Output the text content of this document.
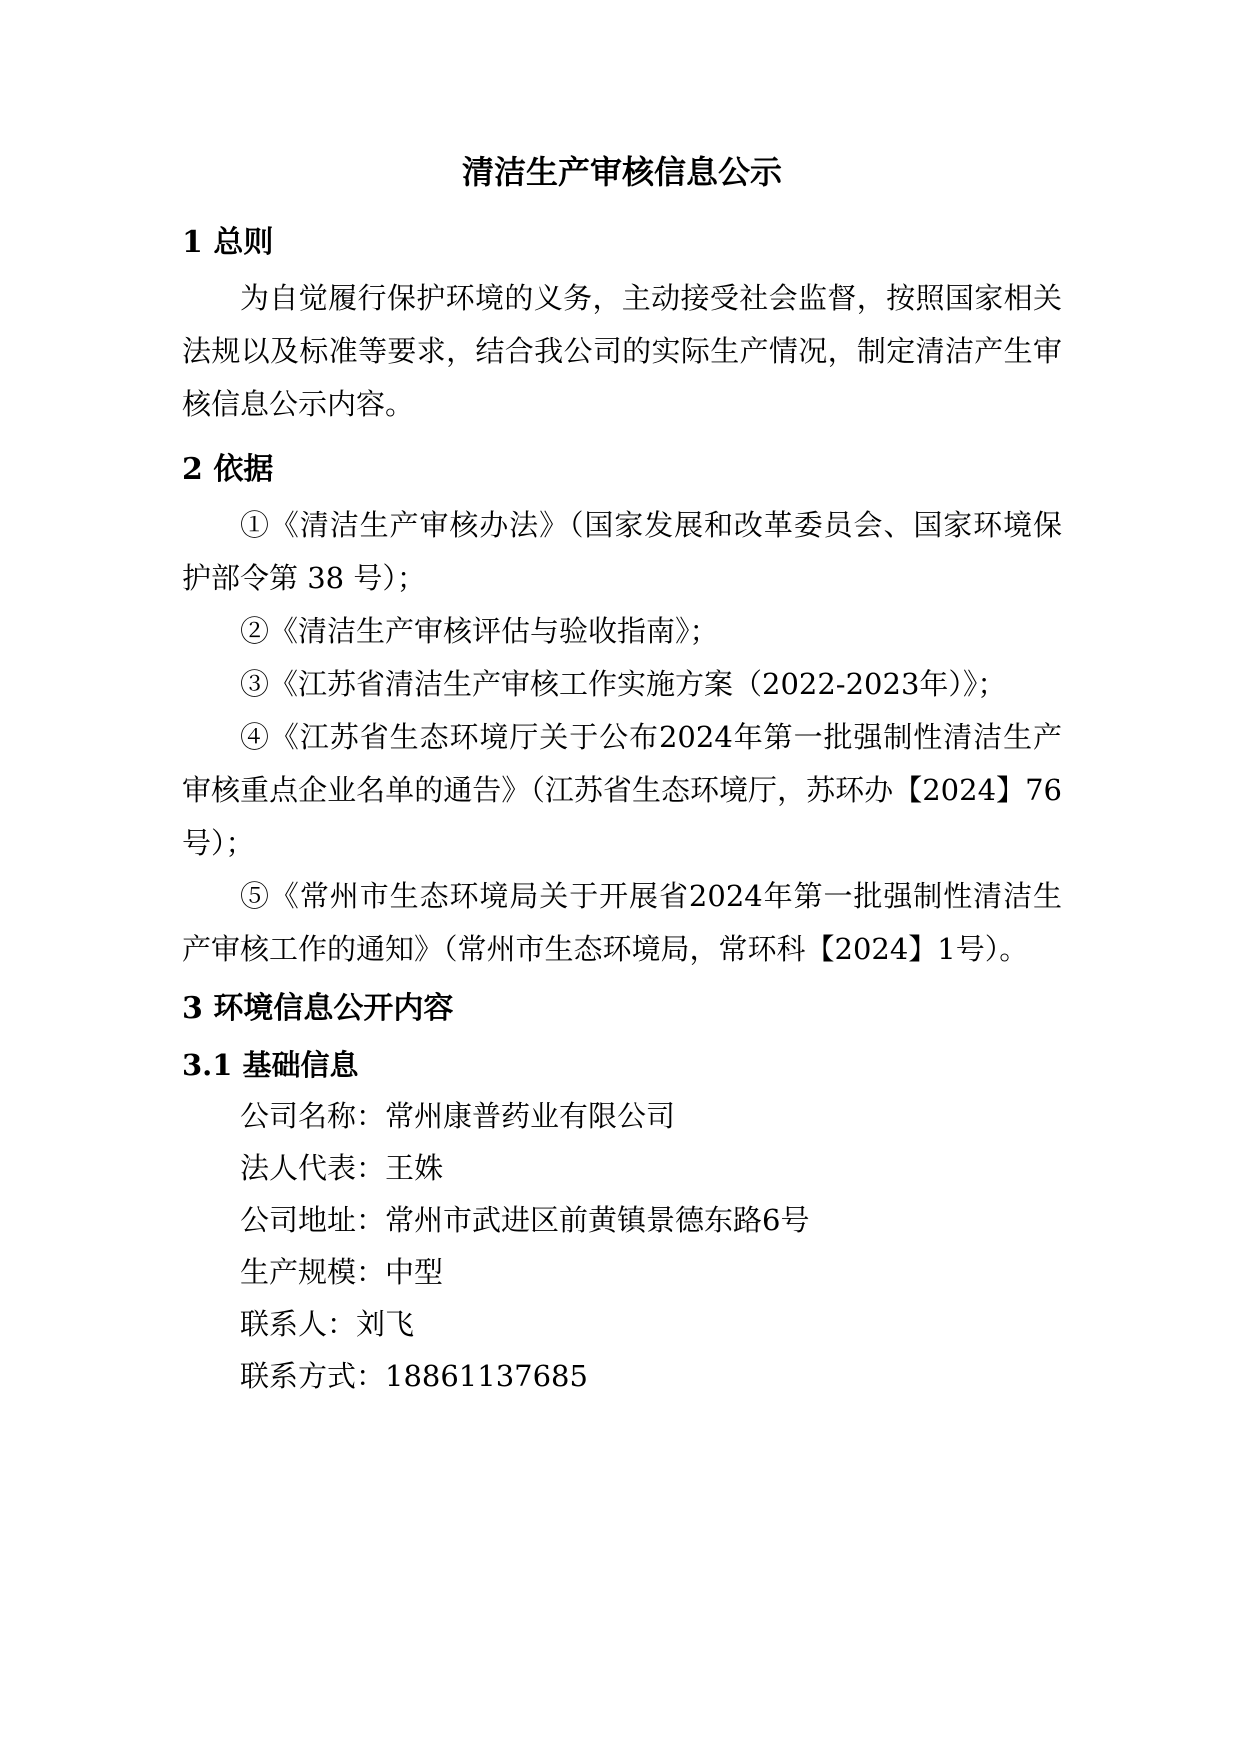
清洁生产审核信息公示
1 总则

为自觉履行保护环境的义务，主动接受社会监督，按照国家相关法规以及标准等要求，结合我公司的实际生产情况，制定清洁产生审核信息公示内容。

2 依据

①《清洁生产审核办法》（国家发展和改革委员会、国家环境保护部令第 38 号）；

②《清洁生产审核评估与验收指南》；

③《江苏省清洁生产审核工作实施方案（2022-2023年）》；

④《江苏省生态环境厅关于公布2024年第一批强制性清洁生产审核重点企业名单的通告》（江苏省生态环境厅，苏环办【2024】76号）；

⑤《常州市生态环境局关于开展省2024年第一批强制性清洁生产审核工作的通知》（常州市生态环境局，常环科【2024】1号）。

3 环境信息公开内容
3.1 基础信息

公司名称：常州康普药业有限公司

法人代表：王姝

公司地址：常州市武进区前黄镇景德东路6号

生产规模：中型

联系人：刘飞

联系方式：18861137685
